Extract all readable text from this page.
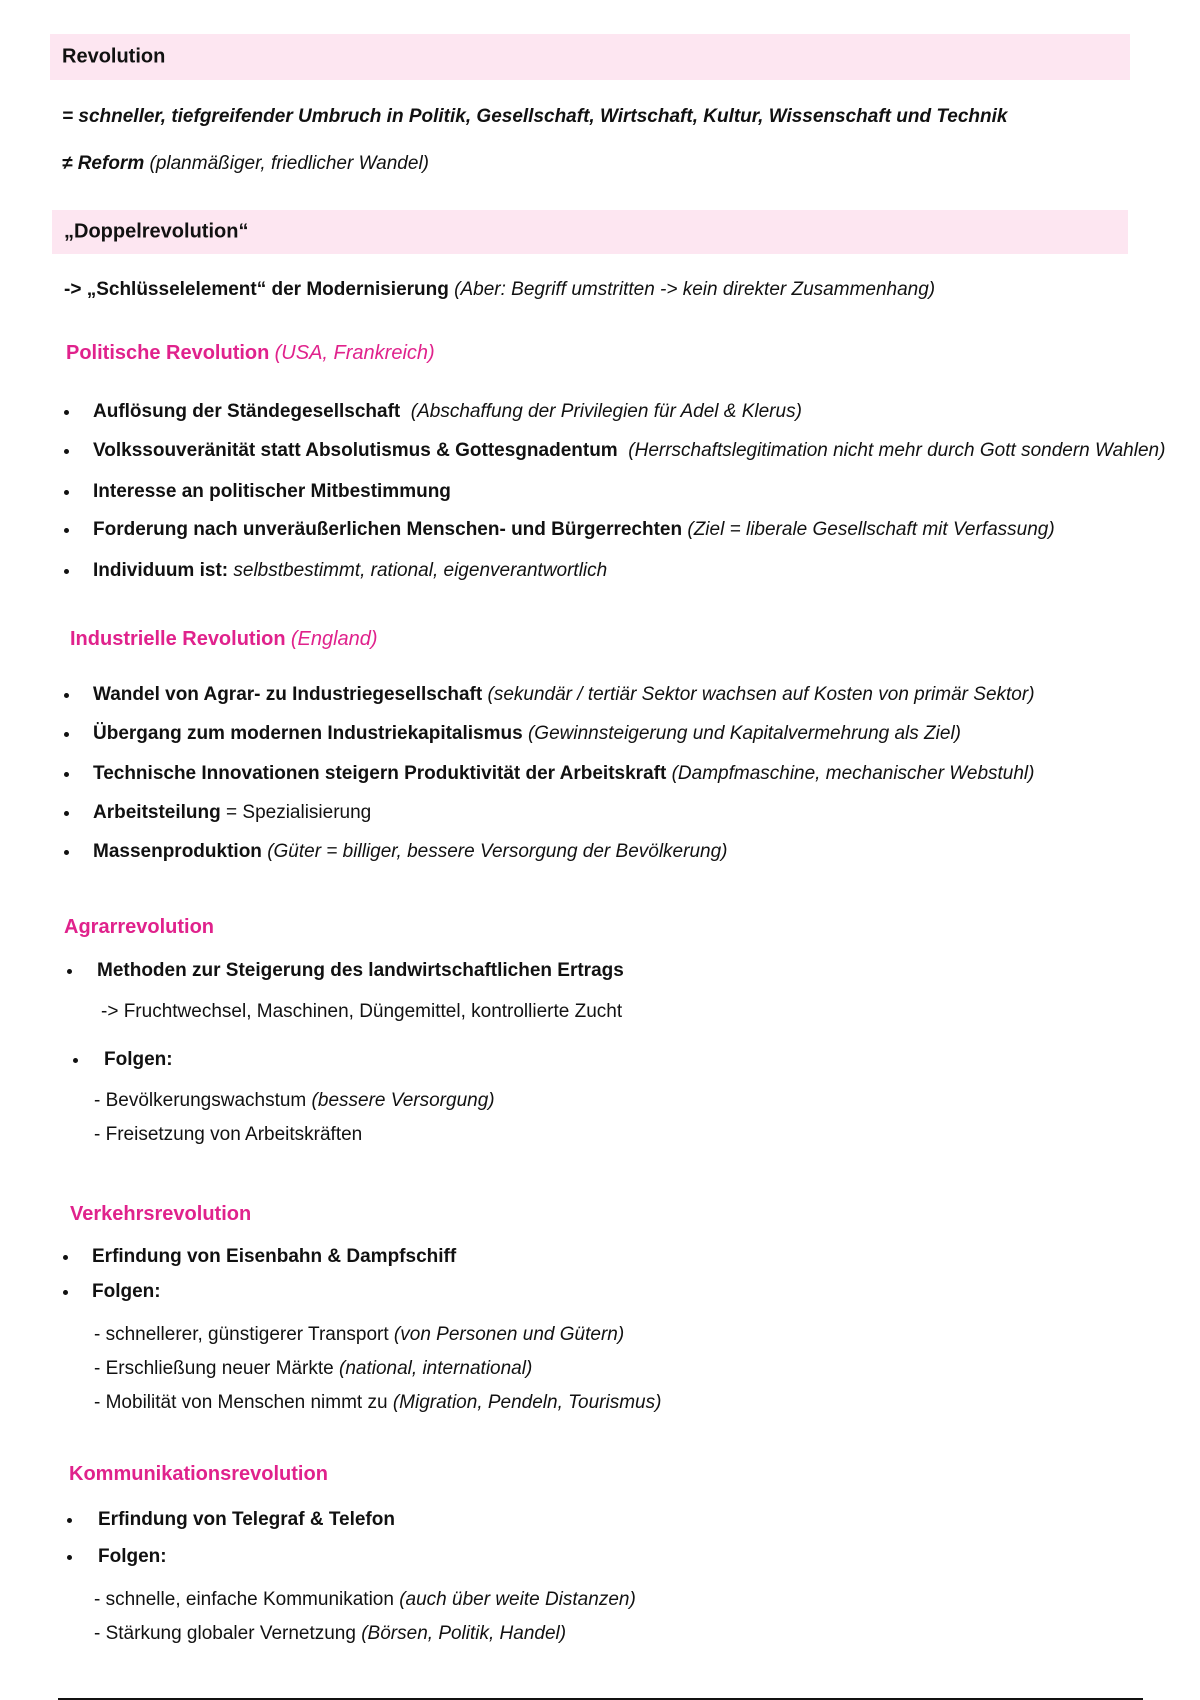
Revolution
= schneller, tiefgreifender Umbruch in Politik, Gesellschaft, Wirtschaft, Kultur, Wissenschaft und Technik
≠ Reform (planmäßiger, friedlicher Wandel)
„Doppelrevolution“
-> „Schlüsselelement“ der Modernisierung (Aber: Begriff umstritten -> kein direkter Zusammenhang)
Politische Revolution (USA, Frankreich)
Auflösung der Ständegesellschaft (Abschaffung der Privilegien für Adel & Klerus)
Volkssouveränität statt Absolutismus & Gottesgnadentum (Herrschaftslegitimation nicht mehr durch Gott sondern Wahlen)
Interesse an politischer Mitbestimmung
Forderung nach unveräußerlichen Menschen- und Bürgerrechten (Ziel = liberale Gesellschaft mit Verfassung)
Individuum ist: selbstbestimmt, rational, eigenverantwortlich
Industrielle Revolution (England)
Wandel von Agrar- zu Industriegesellschaft (sekundär / tertiär Sektor wachsen auf Kosten von primär Sektor)
Übergang zum modernen Industriekapitalismus (Gewinnsteigerung und Kapitalvermehrung als Ziel)
Technische Innovationen steigern Produktivität der Arbeitskraft (Dampfmaschine, mechanischer Webstuhl)
Arbeitsteilung = Spezialisierung
Massenproduktion (Güter = billiger, bessere Versorgung der Bevölkerung)
Agrarrevolution
Methoden zur Steigerung des landwirtschaftlichen Ertrags
-> Fruchtwechsel, Maschinen, Düngemittel, kontrollierte Zucht
Folgen:
- Bevölkerungswachstum (bessere Versorgung)
- Freisetzung von Arbeitskräften
Verkehrsrevolution
Erfindung von Eisenbahn & Dampfschiff
Folgen:
- schnellerer, günstigerer Transport (von Personen und Gütern)
- Erschließung neuer Märkte (national, international)
- Mobilität von Menschen nimmt zu (Migration, Pendeln, Tourismus)
Kommunikationsrevolution
Erfindung von Telegraf & Telefon
Folgen:
- schnelle, einfache Kommunikation (auch über weite Distanzen)
- Stärkung globaler Vernetzung (Börsen, Politik, Handel)
